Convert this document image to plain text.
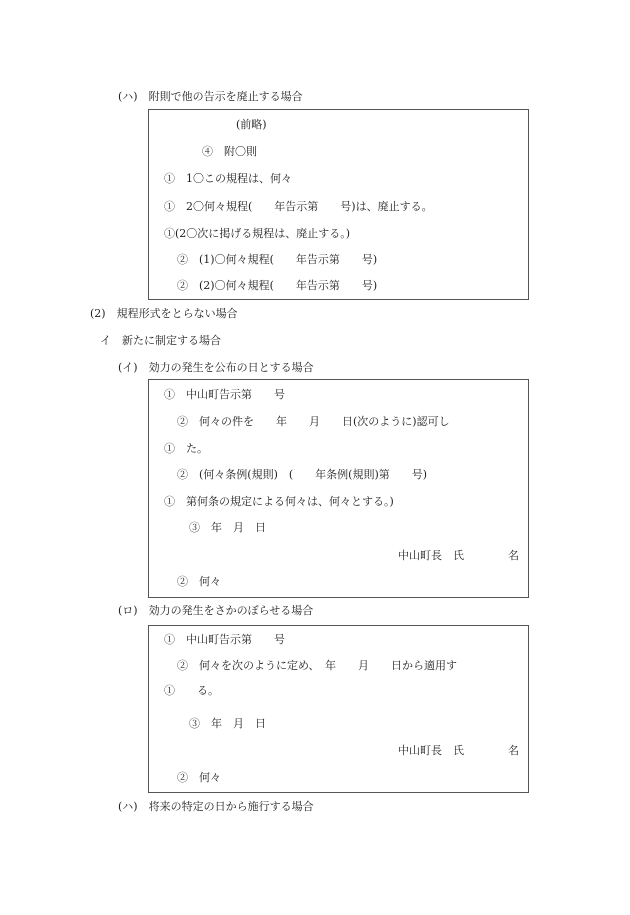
(ハ)　附則で他の告示を廃止する場合
(前略)
④　附〇則
①　1〇この規程は、何々
①　2〇何々規程(　　年告示第　　号)は、廃止する。
①(2〇次に掲げる規程は、廃止する。)
②　(1)〇何々規程(　　年告示第　　号)
②　(2)〇何々規程(　　年告示第　　号)
(2)　規程形式をとらない場合
イ　新たに制定する場合
(イ)　効力の発生を公布の日とする場合
①　中山町告示第　　号
②　何々の件を　　年　　月　　日(次のように)認可し
①　た。
②　(何々条例(規則)　(　　年条例(規則)第　　号)
①　第何条の規定による何々は、何々とする。)
③　年　月　日
中山町長　氏　　　　名
②　何々
(ロ)　効力の発生をさかのぼらせる場合
①　中山町告示第　　号
②　何々を次のように定め、　年　　月　　日から適用す
①　　る。
③　年　月　日
中山町長　氏　　　　名
②　何々
(ハ)　将来の特定の日から施行する場合
